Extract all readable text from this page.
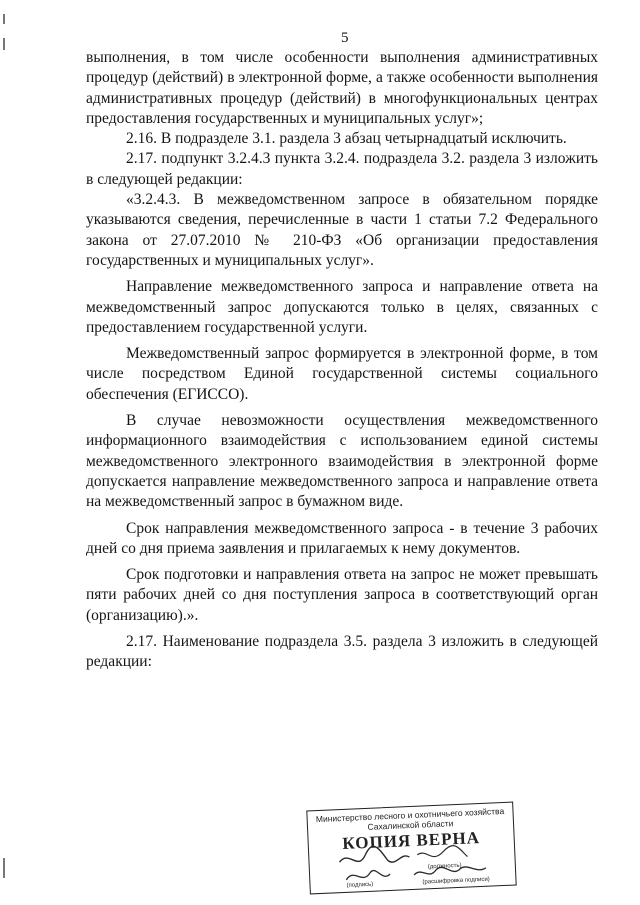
5

выполнения, в том числе особенности выполнения административных процедур (действий) в электронной форме, а также особенности выполнения административных процедур (действий) в многофункциональных центрах предоставления государственных и муниципальных услуг»;

2.16. В подразделе 3.1. раздела 3 абзац четырнадцатый исключить.

2.17. подпункт 3.2.4.3 пункта 3.2.4. подраздела 3.2. раздела 3 изложить в следующей редакции:

«3.2.4.3. В межведомственном запросе в обязательном порядке указываются сведения, перечисленные в части 1 статьи 7.2 Федерального закона от 27.07.2010 № 210-ФЗ «Об организации предоставления государственных и муниципальных услуг».

Направление межведомственного запроса и направление ответа на межведомственный запрос допускаются только в целях, связанных с предоставлением государственной услуги.

Межведомственный запрос формируется в электронной форме, в том числе посредством Единой государственной системы социального обеспечения (ЕГИССО).

В случае невозможности осуществления межведомственного информационного взаимодействия с использованием единой системы межведомственного электронного взаимодействия в электронной форме допускается направление межведомственного запроса и направление ответа на межведомственный запрос в бумажном виде.

Срок направления межведомственного запроса - в течение 3 рабочих дней со дня приема заявления и прилагаемых к нему документов.

Срок подготовки и направления ответа на запрос не может превышать пяти рабочих дней со дня поступления запроса в соответствующий орган (организацию).».

2.17. Наименование подраздела 3.5. раздела 3 изложить в следующей редакции:

Министерство лесного и охотничьего хозяйства Сахалинской области
КОПИЯ ВЕРНА
(должность)
(подпись)	(расшифровка подписи)
